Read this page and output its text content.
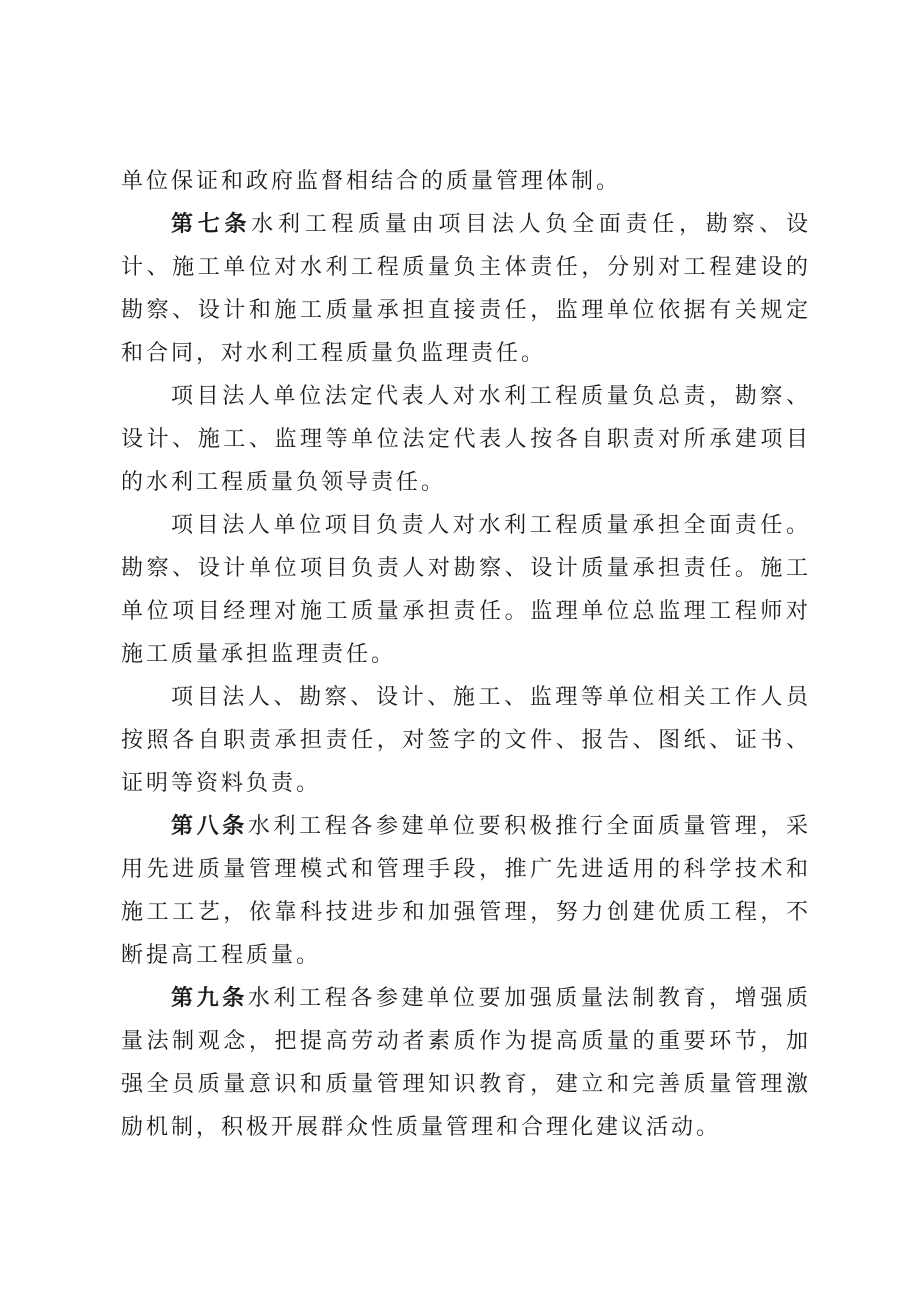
单位保证和政府监督相结合的质量管理体制。

第七条水利工程质量由项目法人负全面责任，勘察、设计、施工单位对水利工程质量负主体责任，分别对工程建设的勘察、设计和施工质量承担直接责任，监理单位依据有关规定和合同，对水利工程质量负监理责任。

项目法人单位法定代表人对水利工程质量负总责，勘察、设计、施工、监理等单位法定代表人按各自职责对所承建项目的水利工程质量负领导责任。

项目法人单位项目负责人对水利工程质量承担全面责任。勘察、设计单位项目负责人对勘察、设计质量承担责任。施工单位项目经理对施工质量承担责任。监理单位总监理工程师对施工质量承担监理责任。

项目法人、勘察、设计、施工、监理等单位相关工作人员按照各自职责承担责任，对签字的文件、报告、图纸、证书、证明等资料负责。

第八条水利工程各参建单位要积极推行全面质量管理，采用先进质量管理模式和管理手段，推广先进适用的科学技术和施工工艺，依靠科技进步和加强管理，努力创建优质工程，不断提高工程质量。

第九条水利工程各参建单位要加强质量法制教育，增强质量法制观念，把提高劳动者素质作为提高质量的重要环节，加强全员质量意识和质量管理知识教育，建立和完善质量管理激励机制，积极开展群众性质量管理和合理化建议活动。
